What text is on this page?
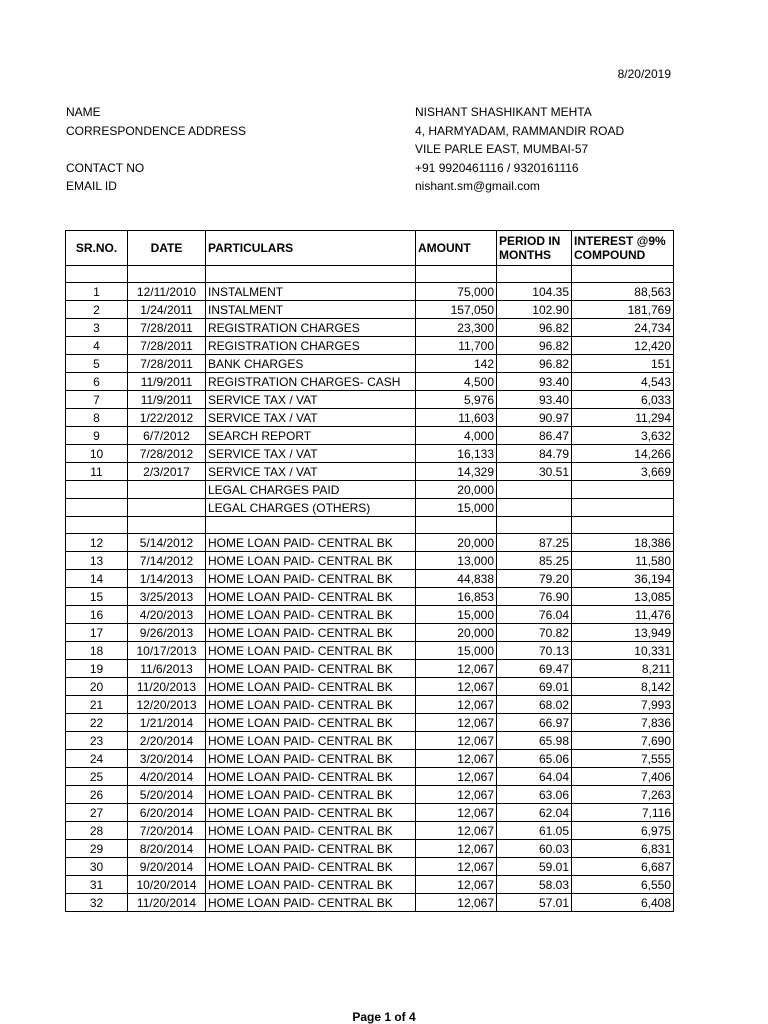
8/20/2019
NAME	NISHANT SHASHIKANT MEHTA
CORRESPONDENCE ADDRESS	4, HARMYADAM, RAMMANDIR ROAD
VILE PARLE EAST, MUMBAI-57
CONTACT NO	+91 9920461116 / 9320161116
EMAIL ID	nishant.sm@gmail.com
SR.NO.	DATE	PARTICULARS	AMOUNT	PERIOD IN MONTHS	INTEREST @9% COMPOUND

1	12/11/2010	INSTALMENT	75,000	104.35	88,563
2	1/24/2011	INSTALMENT	157,050	102.90	181,769
3	7/28/2011	REGISTRATION CHARGES	23,300	96.82	24,734
4	7/28/2011	REGISTRATION CHARGES	11,700	96.82	12,420
5	7/28/2011	BANK CHARGES	142	96.82	151
6	11/9/2011	REGISTRATION CHARGES- CASH	4,500	93.40	4,543
7	11/9/2011	SERVICE TAX / VAT	5,976	93.40	6,033
8	1/22/2012	SERVICE TAX / VAT	11,603	90.97	11,294
9	6/7/2012	SEARCH REPORT	4,000	86.47	3,632
10	7/28/2012	SERVICE TAX / VAT	16,133	84.79	14,266
11	2/3/2017	SERVICE TAX / VAT	14,329	30.51	3,669
		LEGAL CHARGES PAID	20,000		
		LEGAL CHARGES (OTHERS)	15,000		

12	5/14/2012	HOME LOAN PAID- CENTRAL BK	20,000	87.25	18,386
13	7/14/2012	HOME LOAN PAID- CENTRAL BK	13,000	85.25	11,580
14	1/14/2013	HOME LOAN PAID- CENTRAL BK	44,838	79.20	36,194
15	3/25/2013	HOME LOAN PAID- CENTRAL BK	16,853	76.90	13,085
16	4/20/2013	HOME LOAN PAID- CENTRAL BK	15,000	76.04	11,476
17	9/26/2013	HOME LOAN PAID- CENTRAL BK	20,000	70.82	13,949
18	10/17/2013	HOME LOAN PAID- CENTRAL BK	15,000	70.13	10,331
19	11/6/2013	HOME LOAN PAID- CENTRAL BK	12,067	69.47	8,211
20	11/20/2013	HOME LOAN PAID- CENTRAL BK	12,067	69.01	8,142
21	12/20/2013	HOME LOAN PAID- CENTRAL BK	12,067	68.02	7,993
22	1/21/2014	HOME LOAN PAID- CENTRAL BK	12,067	66.97	7,836
23	2/20/2014	HOME LOAN PAID- CENTRAL BK	12,067	65.98	7,690
24	3/20/2014	HOME LOAN PAID- CENTRAL BK	12,067	65.06	7,555
25	4/20/2014	HOME LOAN PAID- CENTRAL BK	12,067	64.04	7,406
26	5/20/2014	HOME LOAN PAID- CENTRAL BK	12,067	63.06	7,263
27	6/20/2014	HOME LOAN PAID- CENTRAL BK	12,067	62.04	7,116
28	7/20/2014	HOME LOAN PAID- CENTRAL BK	12,067	61.05	6,975
29	8/20/2014	HOME LOAN PAID- CENTRAL BK	12,067	60.03	6,831
30	9/20/2014	HOME LOAN PAID- CENTRAL BK	12,067	59.01	6,687
31	10/20/2014	HOME LOAN PAID- CENTRAL BK	12,067	58.03	6,550
32	11/20/2014	HOME LOAN PAID- CENTRAL BK	12,067	57.01	6,408
Page 1 of 4
